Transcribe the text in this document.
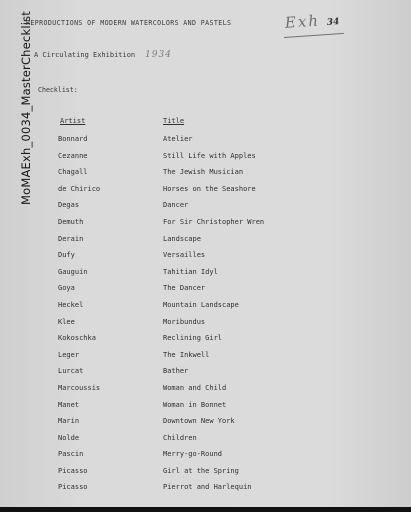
MoMAExh_0034_MasterChecklist
REPRODUCTIONS OF MODERN WATERCOLORS AND PASTELS	Exh 34
A Circulating Exhibition 1934
Checklist:
Artist	Title
Bonnard	Atelier
Cezanne	Still Life with Apples
Chagall	The Jewish Musician
de Chirico	Horses on the Seashore
Degas	Dancer
Demuth	For Sir Christopher Wren
Derain	Landscape
Dufy	Versailles
Gauguin	Tahitian Idyl
Goya	The Dancer
Heckel	Mountain Landscape
Klee	Moribundus
Kokoschka	Reclining Girl
Leger	The Inkwell
Lurcat	Bather
Marcoussis	Woman and Child
Manet	Woman in Bonnet
Marin	Downtown New York
Nolde	Children
Pascin	Merry-go-Round
Picasso	Girl at the Spring
Picasso	Pierrot and Harlequin
